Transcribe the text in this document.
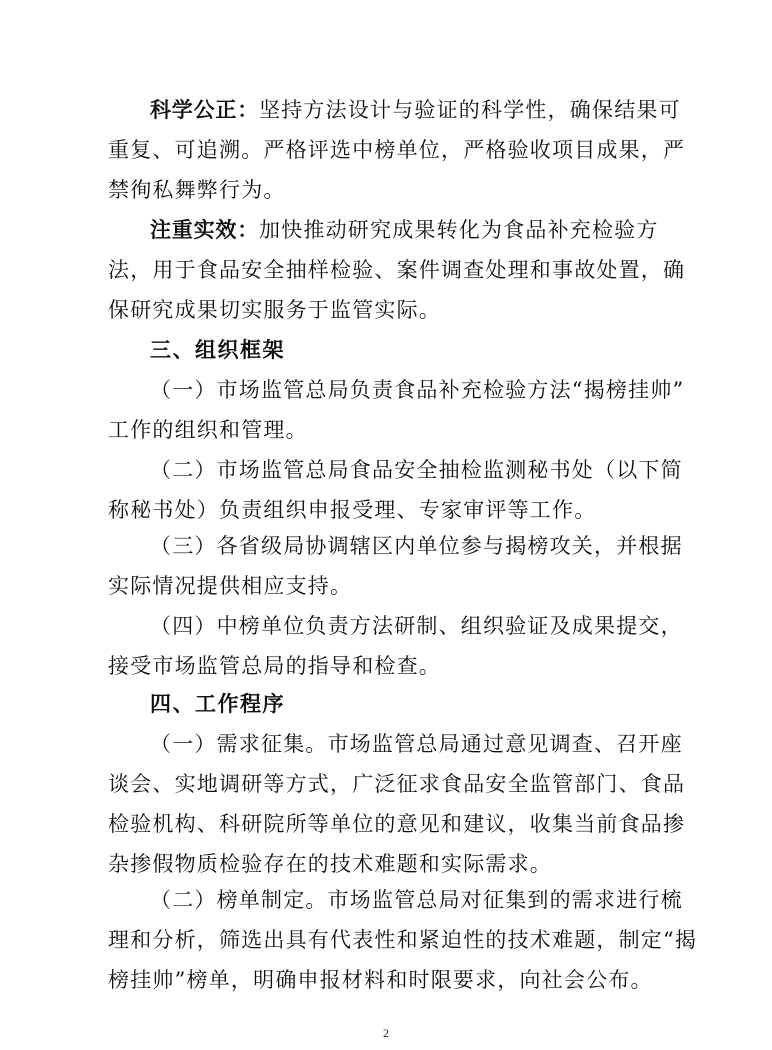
科学公正：坚持方法设计与验证的科学性，确保结果可
重复、可追溯。严格评选中榜单位，严格验收项目成果，严
禁徇私舞弊行为。
注重实效：加快推动研究成果转化为食品补充检验方
法，用于食品安全抽样检验、案件调查处理和事故处置，确
保研究成果切实服务于监管实际。
三、组织框架
（一）市场监管总局负责食品补充检验方法“揭榜挂帅”
工作的组织和管理。
（二）市场监管总局食品安全抽检监测秘书处（以下简
称秘书处）负责组织申报受理、专家审评等工作。
（三）各省级局协调辖区内单位参与揭榜攻关，并根据
实际情况提供相应支持。
（四）中榜单位负责方法研制、组织验证及成果提交，
接受市场监管总局的指导和检查。
四、工作程序
（一）需求征集。市场监管总局通过意见调查、召开座
谈会、实地调研等方式，广泛征求食品安全监管部门、食品
检验机构、科研院所等单位的意见和建议，收集当前食品掺
杂掺假物质检验存在的技术难题和实际需求。
（二）榜单制定。市场监管总局对征集到的需求进行梳
理和分析，筛选出具有代表性和紧迫性的技术难题，制定“揭
榜挂帅”榜单，明确申报材料和时限要求，向社会公布。
2
